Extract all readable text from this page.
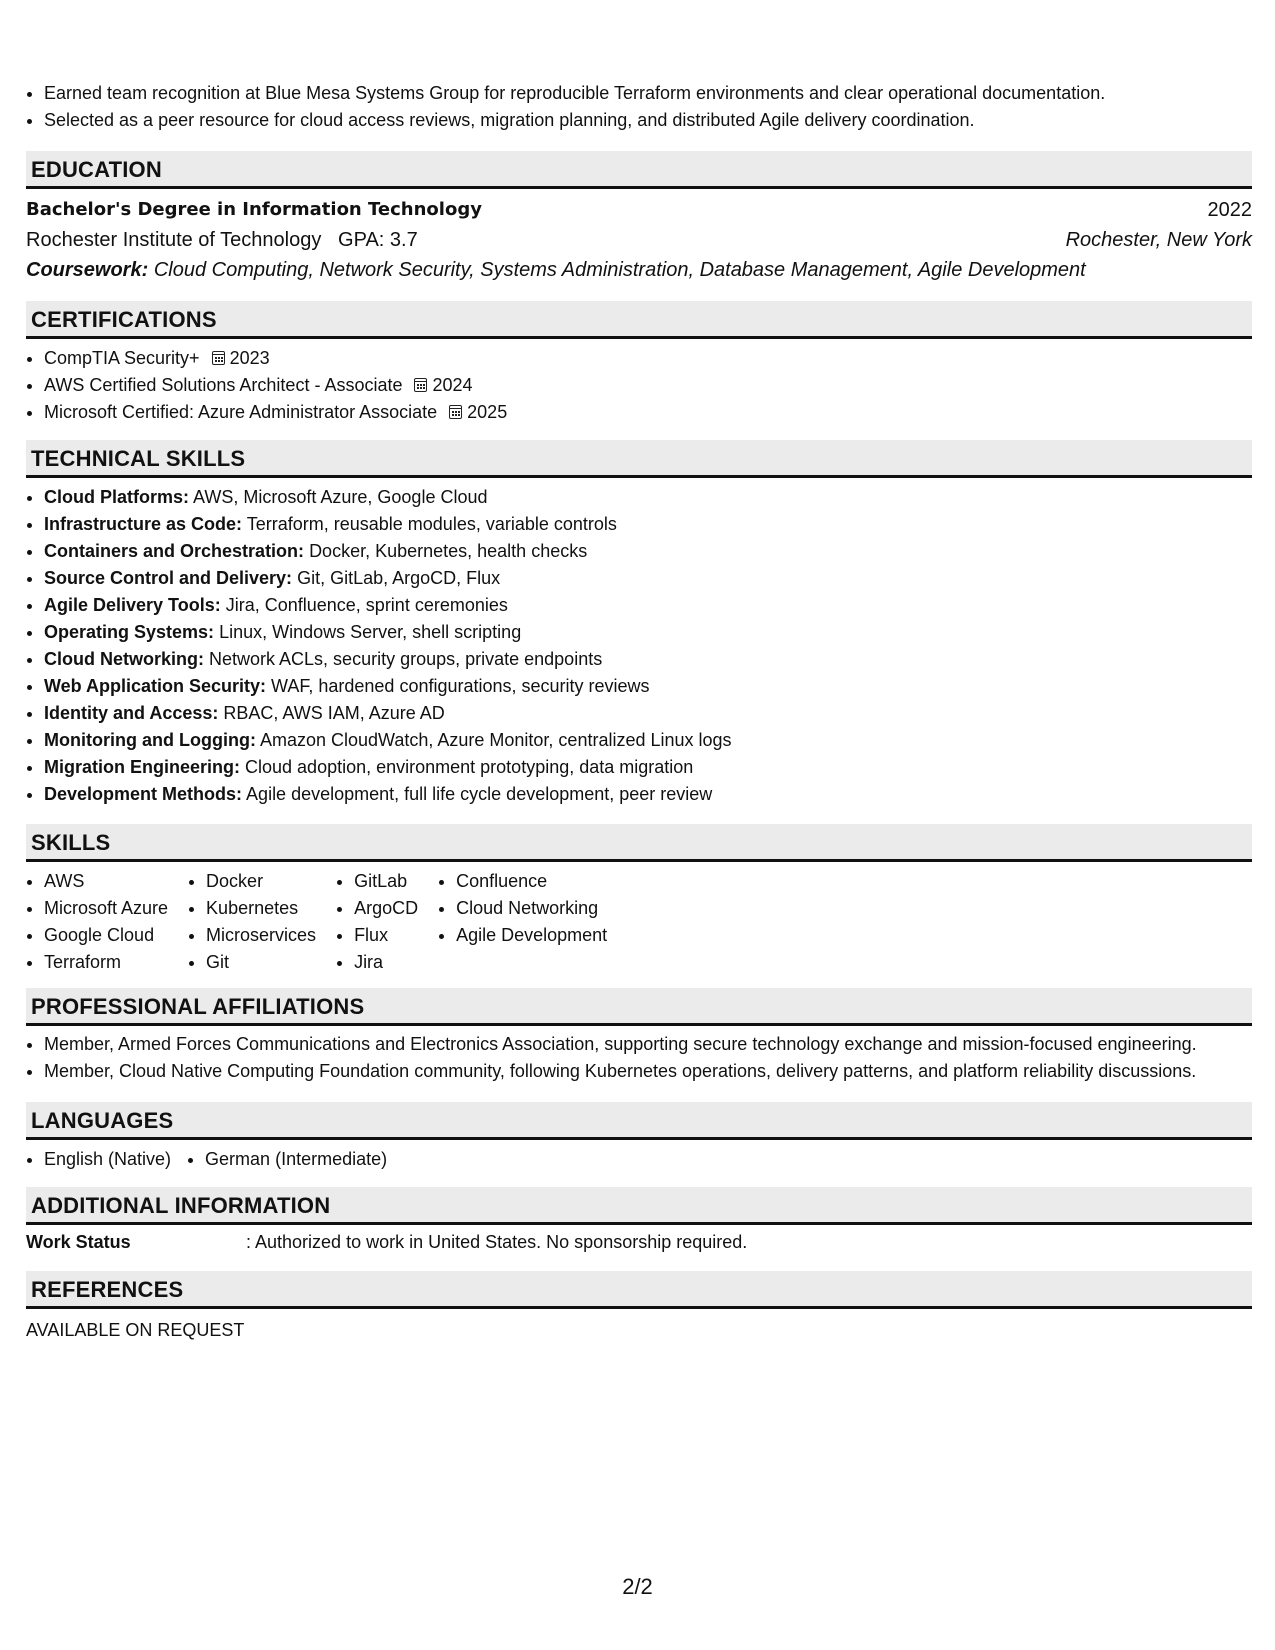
• Earned team recognition at Blue Mesa Systems Group for reproducible Terraform environments and clear operational documentation.
• Selected as a peer resource for cloud access reviews, migration planning, and distributed Agile delivery coordination.
EDUCATION
Bachelor's Degree in Information Technology	2022
Rochester Institute of Technology GPA: 3.7	Rochester, New York
Coursework: Cloud Computing, Network Security, Systems Administration, Database Management, Agile Development
CERTIFICATIONS
• CompTIA Security+ 2023
• AWS Certified Solutions Architect - Associate 2024
• Microsoft Certified: Azure Administrator Associate 2025
TECHNICAL SKILLS
• Cloud Platforms: AWS, Microsoft Azure, Google Cloud
• Infrastructure as Code: Terraform, reusable modules, variable controls
• Containers and Orchestration: Docker, Kubernetes, health checks
• Source Control and Delivery: Git, GitLab, ArgoCD, Flux
• Agile Delivery Tools: Jira, Confluence, sprint ceremonies
• Operating Systems: Linux, Windows Server, shell scripting
• Cloud Networking: Network ACLs, security groups, private endpoints
• Web Application Security: WAF, hardened configurations, security reviews
• Identity and Access: RBAC, AWS IAM, Azure AD
• Monitoring and Logging: Amazon CloudWatch, Azure Monitor, centralized Linux logs
• Migration Engineering: Cloud adoption, environment prototyping, data migration
• Development Methods: Agile development, full life cycle development, peer review
SKILLS
• AWS
• Microsoft Azure
• Google Cloud
• Terraform
• Docker
• Kubernetes
• Microservices
• Git
• GitLab
• ArgoCD
• Flux
• Jira
• Confluence
• Cloud Networking
• Agile Development
PROFESSIONAL AFFILIATIONS
• Member, Armed Forces Communications and Electronics Association, supporting secure technology exchange and mission-focused engineering.
• Member, Cloud Native Computing Foundation community, following Kubernetes operations, delivery patterns, and platform reliability discussions.
LANGUAGES
• English (Native)
• German (Intermediate)
ADDITIONAL INFORMATION
Work Status	: Authorized to work in United States. No sponsorship required.
REFERENCES
AVAILABLE ON REQUEST
2/2
